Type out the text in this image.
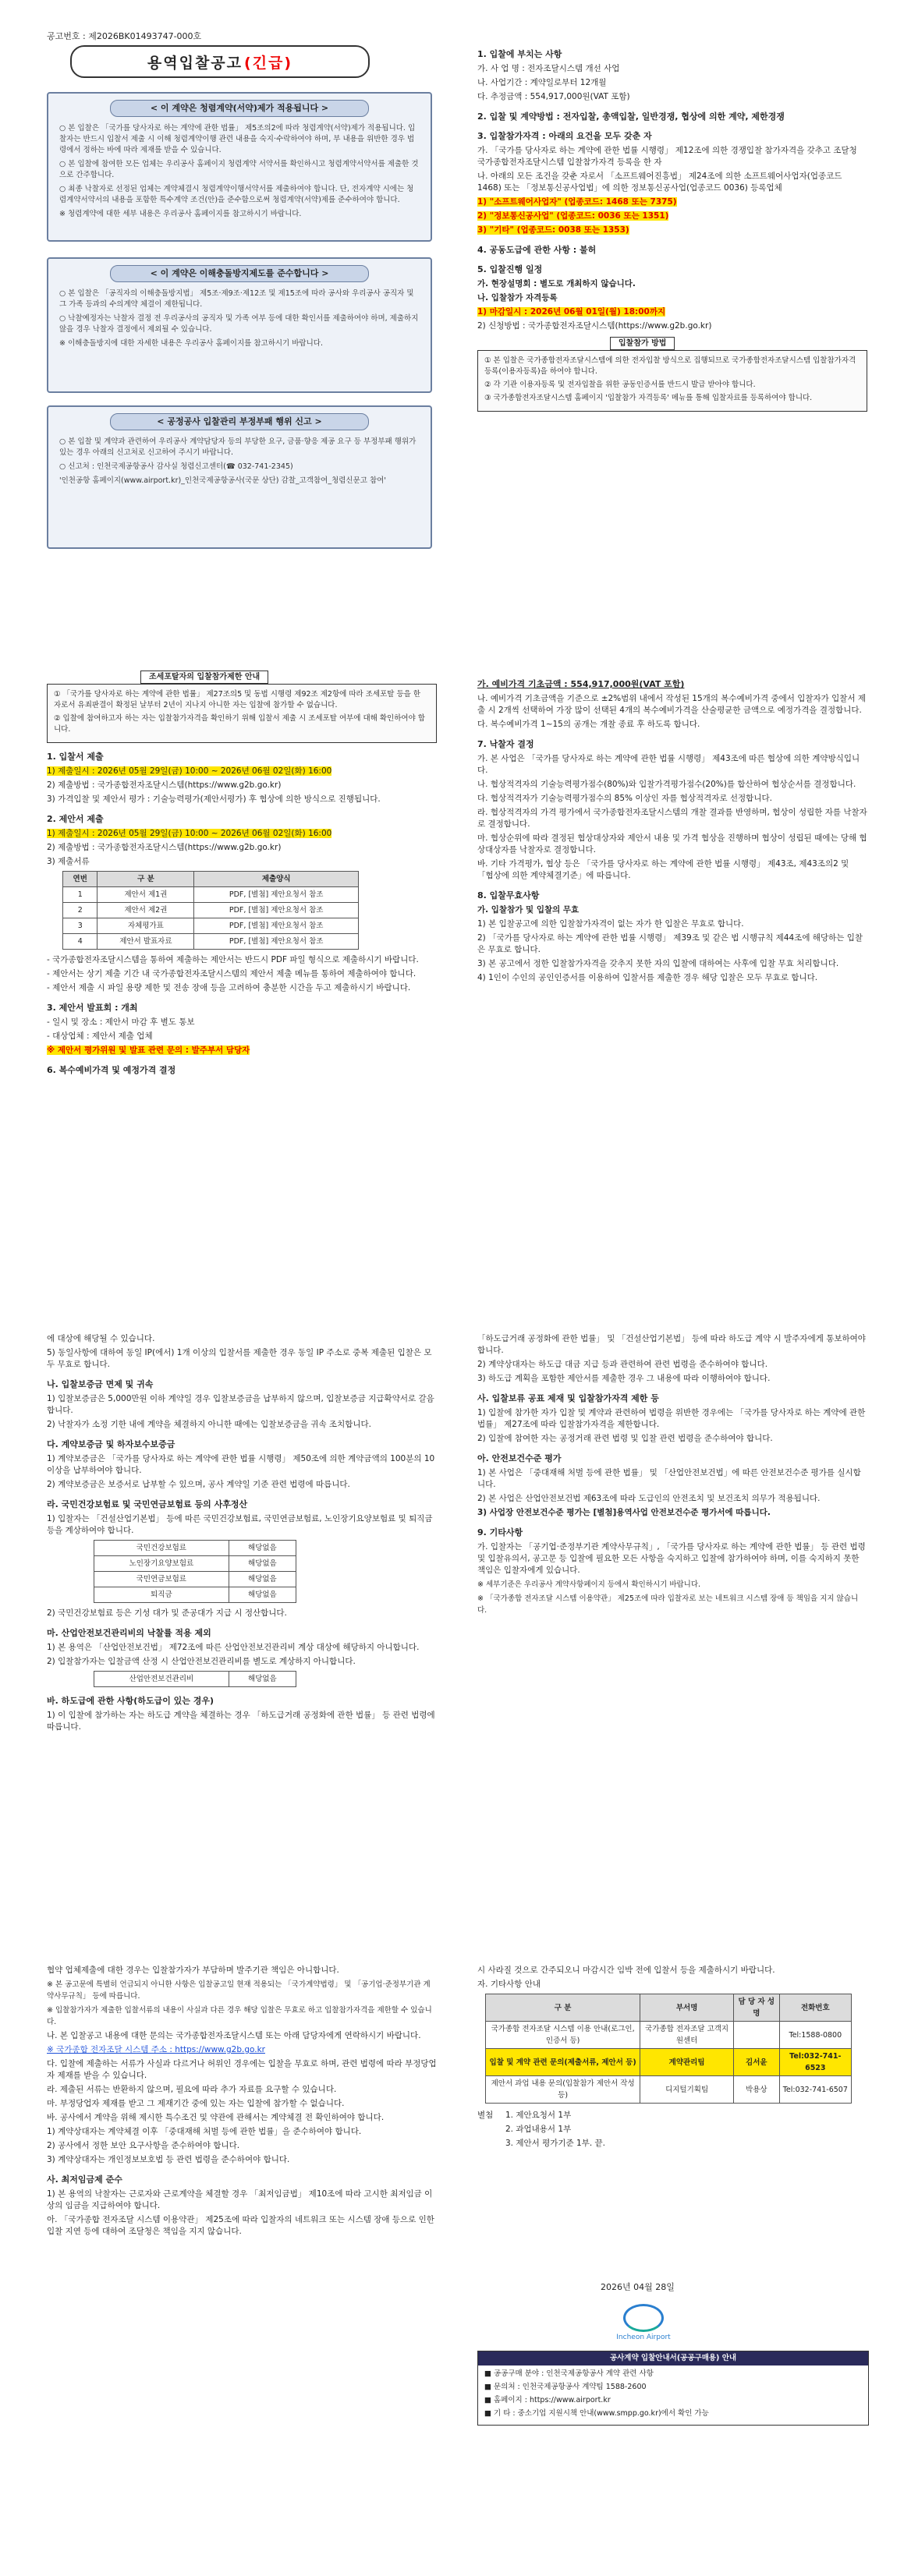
공고번호 : 제2026BK01493747-000호
용역입찰공고 (긴급)
< 이 계약은 청렴계약(서약)제가 적용됩니다 >

○ 본 입찰은 「국가를 당사자로 하는 계약에 관한 법률」 제5조의2에 따라 청렴계약(서약)제가 적용됩니다. 입찰자는 반드시 입찰서 제출 시 이해 청렴계약이행 관련 내용을 숙지·수락하여야 하며, 부 내용을 위반한 경우 법령에서 정하는 바에 따라 제재를 받을 수 있습니다.

○ 본 입찰에 참여한 모든 업체는 우리공사 홈페이지 청렴계약 서약서를 확인하시고 청렴계약서약서를 제출한 것으로 간주합니다.

○ 최종 낙찰자로 선정된 업체는 계약체결시 청렴계약이행서약서를 제출하여야 합니다. 단, 전자계약 시에는 청렴계약서약서의 내용을 포함한 특수계약 조건(안)을 준수함으로써 청렴계약(서약)제를 준수하여야 합니다.

※ 청렴계약에 대한 세부 내용은 우리공사 홈페이지를 참고하시기 바랍니다.

< 이 계약은 이해충돌방지제도를 준수합니다 >

○ 본 입찰은 「공직자의 이해충돌방지법」 제5조·제9조·제12조 및 제15조에 따라 공사와 우리공사 공직자 및 그 가족 등과의 수의계약 체결이 제한됩니다.

○ 낙찰예정자는 낙찰자 결정 전 우리공사의 공직자 및 가족 여부 등에 대한 확인서를 제출하여야 하며, 제출하지 않을 경우 낙찰자 결정에서 제외될 수 있습니다.

※ 이해충돌방지에 대한 자세한 내용은 우리공사 홈페이지를 참고하시기 바랍니다.

< 공정공사 입찰관리 부정부패 행위 신고 >

○ 본 입찰 및 계약과 관련하여 우리공사 계약담당자 등의 부당한 요구, 금품·향응 제공 요구 등 부정부패 행위가 있는 경우 아래의 신고처로 신고하여 주시기 바랍니다.

○ 신고처 : 인천국제공항공사 감사실 청렴신고센터(☎ 032-741-2345)

'인천공항 홈페이지(www.airport.kr)_인천국제공항공사(국문 상단) 감찰_고객참여_청렴신문고 참여'

1. 입찰에 부치는 사항

가. 사 업 명 : 전자조달시스템 개선 사업

나. 사업기간 : 계약일로부터 12개월

다. 추정금액 : 554,917,000원(VAT 포함)

2. 입찰 및 계약방법 : 전자입찰, 총액입찰, 일반경쟁, 협상에 의한 계약, 제한경쟁
3. 입찰참가자격 : 아래의 요건을 모두 갖춘 자

가. 「국가를 당사자로 하는 계약에 관한 법률 시행령」 제12조에 의한 경쟁입찰 참가자격을 갖추고 조달청 국가종합전자조달시스템 입찰참가자격 등록을 한 자

나. 아래의 모든 조건을 갖춘 자로서 「소프트웨어진흥법」 제24조에 의한 소프트웨어사업자(업종코드 1468) 또는 「정보통신공사업법」에 의한 정보통신공사업(업종코드 0036) 등록업체

1) "소프트웨어사업자" (업종코드: 1468 또는 7375)

2) "정보통신공사업" (업종코드: 0036 또는 1351)

3) "기타" (업종코드: 0038 또는 1353)

4. 공동도급에 관한 사항 : 불허
5. 입찰진행 일정

가. 현장설명회 : 별도로 개최하지 않습니다.

나. 입찰참가 자격등록

1) 마감일시 : 2026년 06월 01일(월) 18:00까지

2) 신청방법 : 국가종합전자조달시스템(https://www.g2b.go.kr)

입찰참가 방법

① 본 입찰은 국가종합전자조달시스템에 의한 전자입찰 방식으로 집행되므로 국가종합전자조달시스템 입찰참가자격 등록(이용자등록)을 하여야 합니다.

② 각 기관 이용자등록 및 전자입찰을 위한 공동인증서를 반드시 발급 받아야 합니다.

③ 국가종합전자조달시스템 홈페이지 '입찰참가 자격등록' 메뉴를 통해 입찰자료를 등록하여야 합니다.

조세포탈자의 입찰참가제한 안내

① 「국가를 당사자로 하는 계약에 관한 법률」 제27조의5 및 동법 시행령 제92조 제2항에 따라 조세포탈 등을 한 자로서 유죄판결이 확정된 날부터 2년이 지나지 아니한 자는 입찰에 참가할 수 없습니다.

② 입찰에 참여하고자 하는 자는 입찰참가자격을 확인하기 위해 입찰서 제출 시 조세포탈 여부에 대해 확인하여야 합니다.

1. 입찰서 제출

1) 제출일시 : 2026년 05월 29일(금) 10:00 ~ 2026년 06월 02일(화) 16:00

2) 제출방법 : 국가종합전자조달시스템(https://www.g2b.go.kr)

3) 가격입찰 및 제안서 평가 : 기술능력평가(제안서평가) 후 협상에 의한 방식으로 진행됩니다.

2. 제안서 제출

1) 제출일시 : 2026년 05월 29일(금) 10:00 ~ 2026년 06월 02일(화) 16:00

2) 제출방법 : 국가종합전자조달시스템(https://www.g2b.go.kr)

3) 제출서류

연번	구 분	제출양식
1	제안서 제1권	PDF, [별첨] 제안요청서 참조
2	제안서 제2권	PDF, [별첨] 제안요청서 참조
3	자체평가표	PDF, [별첨] 제안요청서 참조
4	제안서 발표자료	PDF, [별첨] 제안요청서 참조

- 국가종합전자조달시스템을 통하여 제출하는 제안서는 반드시 PDF 파일 형식으로 제출하시기 바랍니다.

- 제안서는 상기 제출 기간 내 국가종합전자조달시스템의 제안서 제출 메뉴를 통하여 제출하여야 합니다.

- 제안서 제출 시 파일 용량 제한 및 전송 장애 등을 고려하여 충분한 시간을 두고 제출하시기 바랍니다.

3. 제안서 발표회 : 개최

- 일시 및 장소 : 제안서 마감 후 별도 통보

- 대상업체 : 제안서 제출 업체

※ 제안서 평가위원 및 발표 관련 문의 : 발주부서 담당자

6. 복수예비가격 및 예정가격 결정
가. 예비가격 기초금액 : 554,917,000원(VAT 포함)

나. 예비가격 기초금액을 기준으로 ±2%범위 내에서 작성된 15개의 복수예비가격 중에서 입찰자가 입찰서 제출 시 2개씩 선택하여 가장 많이 선택된 4개의 복수예비가격을 산술평균한 금액으로 예정가격을 결정합니다.

다. 복수예비가격 1~15의 공개는 개찰 종료 후 하도록 합니다.

7. 낙찰자 결정

가. 본 사업은 「국가를 당사자로 하는 계약에 관한 법률 시행령」 제43조에 따른 협상에 의한 계약방식입니다.

나. 협상적격자의 기술능력평가점수(80%)와 입찰가격평가점수(20%)를 합산하여 협상순서를 결정합니다.

다. 협상적격자가 기술능력평가점수의 85% 이상인 자를 협상적격자로 선정합니다.

라. 협상적격자의 가격 평가에서 국가종합전자조달시스템의 개찰 결과를 반영하며, 협상이 성립한 자를 낙찰자로 결정합니다.

마. 협상순위에 따라 결정된 협상대상자와 제안서 내용 및 가격 협상을 진행하며 협상이 성립된 때에는 당해 협상대상자를 낙찰자로 결정합니다.

바. 기타 가격평가, 협상 등은 「국가를 당사자로 하는 계약에 관한 법률 시행령」 제43조, 제43조의2 및 「협상에 의한 계약체결기준」에 따릅니다.

8. 입찰무효사항

가. 입찰참가 및 입찰의 무효

1) 본 입찰공고에 의한 입찰참가자격이 없는 자가 한 입찰은 무효로 합니다.

2) 「국가를 당사자로 하는 계약에 관한 법률 시행령」 제39조 및 같은 법 시행규칙 제44조에 해당하는 입찰은 무효로 합니다.

3) 본 공고에서 정한 입찰참가자격을 갖추지 못한 자의 입찰에 대하여는 사후에 입찰 무효 처리합니다.

4) 1인이 수인의 공인인증서를 이용하여 입찰서를 제출한 경우 해당 입찰은 모두 무효로 합니다.

에 대상에 해당될 수 있습니다.

5) 동일사항에 대하여 동일 IP(에서) 1개 이상의 입찰서를 제출한 경우 동일 IP 주소로 중복 제출된 입찰은 모두 무효로 합니다.

나. 입찰보증금 면제 및 귀속

1) 입찰보증금은 5,000만원 이하 계약일 경우 입찰보증금을 납부하지 않으며, 입찰보증금 지급확약서로 갈음합니다.

2) 낙찰자가 소정 기한 내에 계약을 체결하지 아니한 때에는 입찰보증금을 귀속 조치합니다.

다. 계약보증금 및 하자보수보증금

1) 계약보증금은 「국가를 당사자로 하는 계약에 관한 법률 시행령」 제50조에 의한 계약금액의 100분의 10 이상을 납부하여야 합니다.

2) 계약보증금은 보증서로 납부할 수 있으며, 공사 계약일 기준 관련 법령에 따릅니다.

라. 국민건강보험료 및 국민연금보험료 등의 사후정산

1) 입찰자는 「건설산업기본법」 등에 따른 국민건강보험료, 국민연금보험료, 노인장기요양보험료 및 퇴직금 등을 계상하여야 합니다.

국민건강보험료	해당없음
노인장기요양보험료	해당없음
국민연금보험료	해당없음
퇴직금	해당없음

2) 국민건강보험료 등은 기성 대가 및 준공대가 지급 시 정산합니다.

마. 산업안전보건관리비의 낙찰률 적용 제외

1) 본 용역은 「산업안전보건법」 제72조에 따른 산업안전보건관리비 계상 대상에 해당하지 아니합니다.

2) 입찰참가자는 입찰금액 산정 시 산업안전보건관리비를 별도로 계상하지 아니합니다.

산업안전보건관리비	해당없음
바. 하도급에 관한 사항(하도급이 있는 경우)

1) 이 입찰에 참가하는 자는 하도급 계약을 체결하는 경우 「하도급거래 공정화에 관한 법률」 등 관련 법령에 따릅니다.

「하도급거래 공정화에 관한 법률」 및 「건설산업기본법」 등에 따라 하도급 계약 시 발주자에게 통보하여야 합니다.

2) 계약상대자는 하도급 대금 지급 등과 관련하여 관련 법령을 준수하여야 합니다.

3) 하도급 계획을 포함한 제안서를 제출한 경우 그 내용에 따라 이행하여야 합니다.

사. 입찰보류 공표 제재 및 입찰참가자격 제한 등

1) 입찰에 참가한 자가 입찰 및 계약과 관련하여 법령을 위반한 경우에는 「국가를 당사자로 하는 계약에 관한 법률」 제27조에 따라 입찰참가자격을 제한합니다.

2) 입찰에 참여한 자는 공정거래 관련 법령 및 입찰 관련 법령을 준수하여야 합니다.

아. 안전보건수준 평가

1) 본 사업은 「중대재해 처벌 등에 관한 법률」 및 「산업안전보건법」에 따른 안전보건수준 평가를 실시합니다.

2) 본 사업은 산업안전보건법 제63조에 따라 도급인의 안전조치 및 보건조치 의무가 적용됩니다.

3) 사업장 안전보건수준 평가는 [별첨]용역사업 안전보건수준 평가서에 따릅니다.

9. 기타사항

가. 입찰자는 「공기업·준정부기관 계약사무규칙」, 「국가를 당사자로 하는 계약에 관한 법률」 등 관련 법령 및 입찰유의서, 공고문 등 입찰에 필요한 모든 사항을 숙지하고 입찰에 참가하여야 하며, 이를 숙지하지 못한 책임은 입찰자에게 있습니다.

※ 세부기준은 우리공사 계약사항페이지 등에서 확인하시기 바랍니다.

※ 「국가종합 전자조달 시스템 이용약관」 제25조에 따라 입찰자로 보는 네트워크 시스템 장애 등 책임을 지지 않습니다.

협약 업체제출에 대한 경우는 입찰참가자가 부담하며 발주기관 책임은 아니합니다.

※ 본 공고문에 특별히 언급되지 아니한 사항은 입찰공고일 현재 적용되는 「국가계약법령」 및 「공기업·준정부기관 계약사무규칙」 등에 따릅니다.

※ 입찰참가자가 제출한 입찰서류의 내용이 사실과 다른 경우 해당 입찰은 무효로 하고 입찰참가자격을 제한할 수 있습니다.

나. 본 입찰공고 내용에 대한 문의는 국가종합전자조달시스템 또는 아래 담당자에게 연락하시기 바랍니다.

※ 국가종합 전자조달 시스템 주소 : https://www.g2b.go.kr

다. 입찰에 제출하는 서류가 사실과 다르거나 허위인 경우에는 입찰을 무효로 하며, 관련 법령에 따라 부정당업자 제재를 받을 수 있습니다.

라. 제출된 서류는 반환하지 않으며, 필요에 따라 추가 자료를 요구할 수 있습니다.

마. 부정당업자 제재를 받고 그 제재기간 중에 있는 자는 입찰에 참가할 수 없습니다.

바. 공사에서 계약을 위해 제시한 특수조건 및 약관에 관해서는 계약체결 전 확인하여야 합니다.

1) 계약상대자는 계약체결 이후 「중대재해 처벌 등에 관한 법률」을 준수하여야 합니다.

2) 공사에서 정한 보안 요구사항을 준수하여야 합니다.

3) 계약상대자는 개인정보보호법 등 관련 법령을 준수하여야 합니다.

사. 최저임금제 준수

1) 본 용역의 낙찰자는 근로자와 근로계약을 체결할 경우 「최저임금법」 제10조에 따라 고시한 최저임금 이상의 임금을 지급하여야 합니다.

아. 「국가종합 전자조달 시스템 이용약관」 제25조에 따라 입찰자의 네트워크 또는 시스템 장애 등으로 인한 입찰 지연 등에 대하여 조달청은 책임을 지지 않습니다.

시 사라질 것으로 간주되오니 마감시간 임박 전에 입찰서 등을 제출하시기 바랍니다.

자. 기타사항 안내

구 분	부서명	담 당 자 성 명	전화번호
국가종합 전자조달 시스템 이용 안내(로그인, 인증서 등)	국가종합 전자조달 고객지원센터		Tel:1588-0800
입찰 및 계약 관련 문의(제출서류, 제안서 등)	계약관리팀	김서윤	Tel:032-741-6523
제안서 과업 내용 문의(입찰참가 제안서 작성 등)	디지털기획팀	박용상	Tel:032-741-6507
별첨	1. 제안요청서 1부

2. 과업내용서 1부

3. 제안서 평가기준 1부. 끝.

2026년 04월 28일
Incheon Airport
공사계약 입찰안내서(공공구매용) 안내

■ 공공구매 분야 : 인천국제공항공사 계약 관련 사항

■ 문의처 : 인천국제공항공사 계약팀 1588-2600

■ 홈페이지 : https://www.airport.kr

■ 기 타 : 중소기업 지원시책 안내(www.smpp.go.kr)에서 확인 가능
